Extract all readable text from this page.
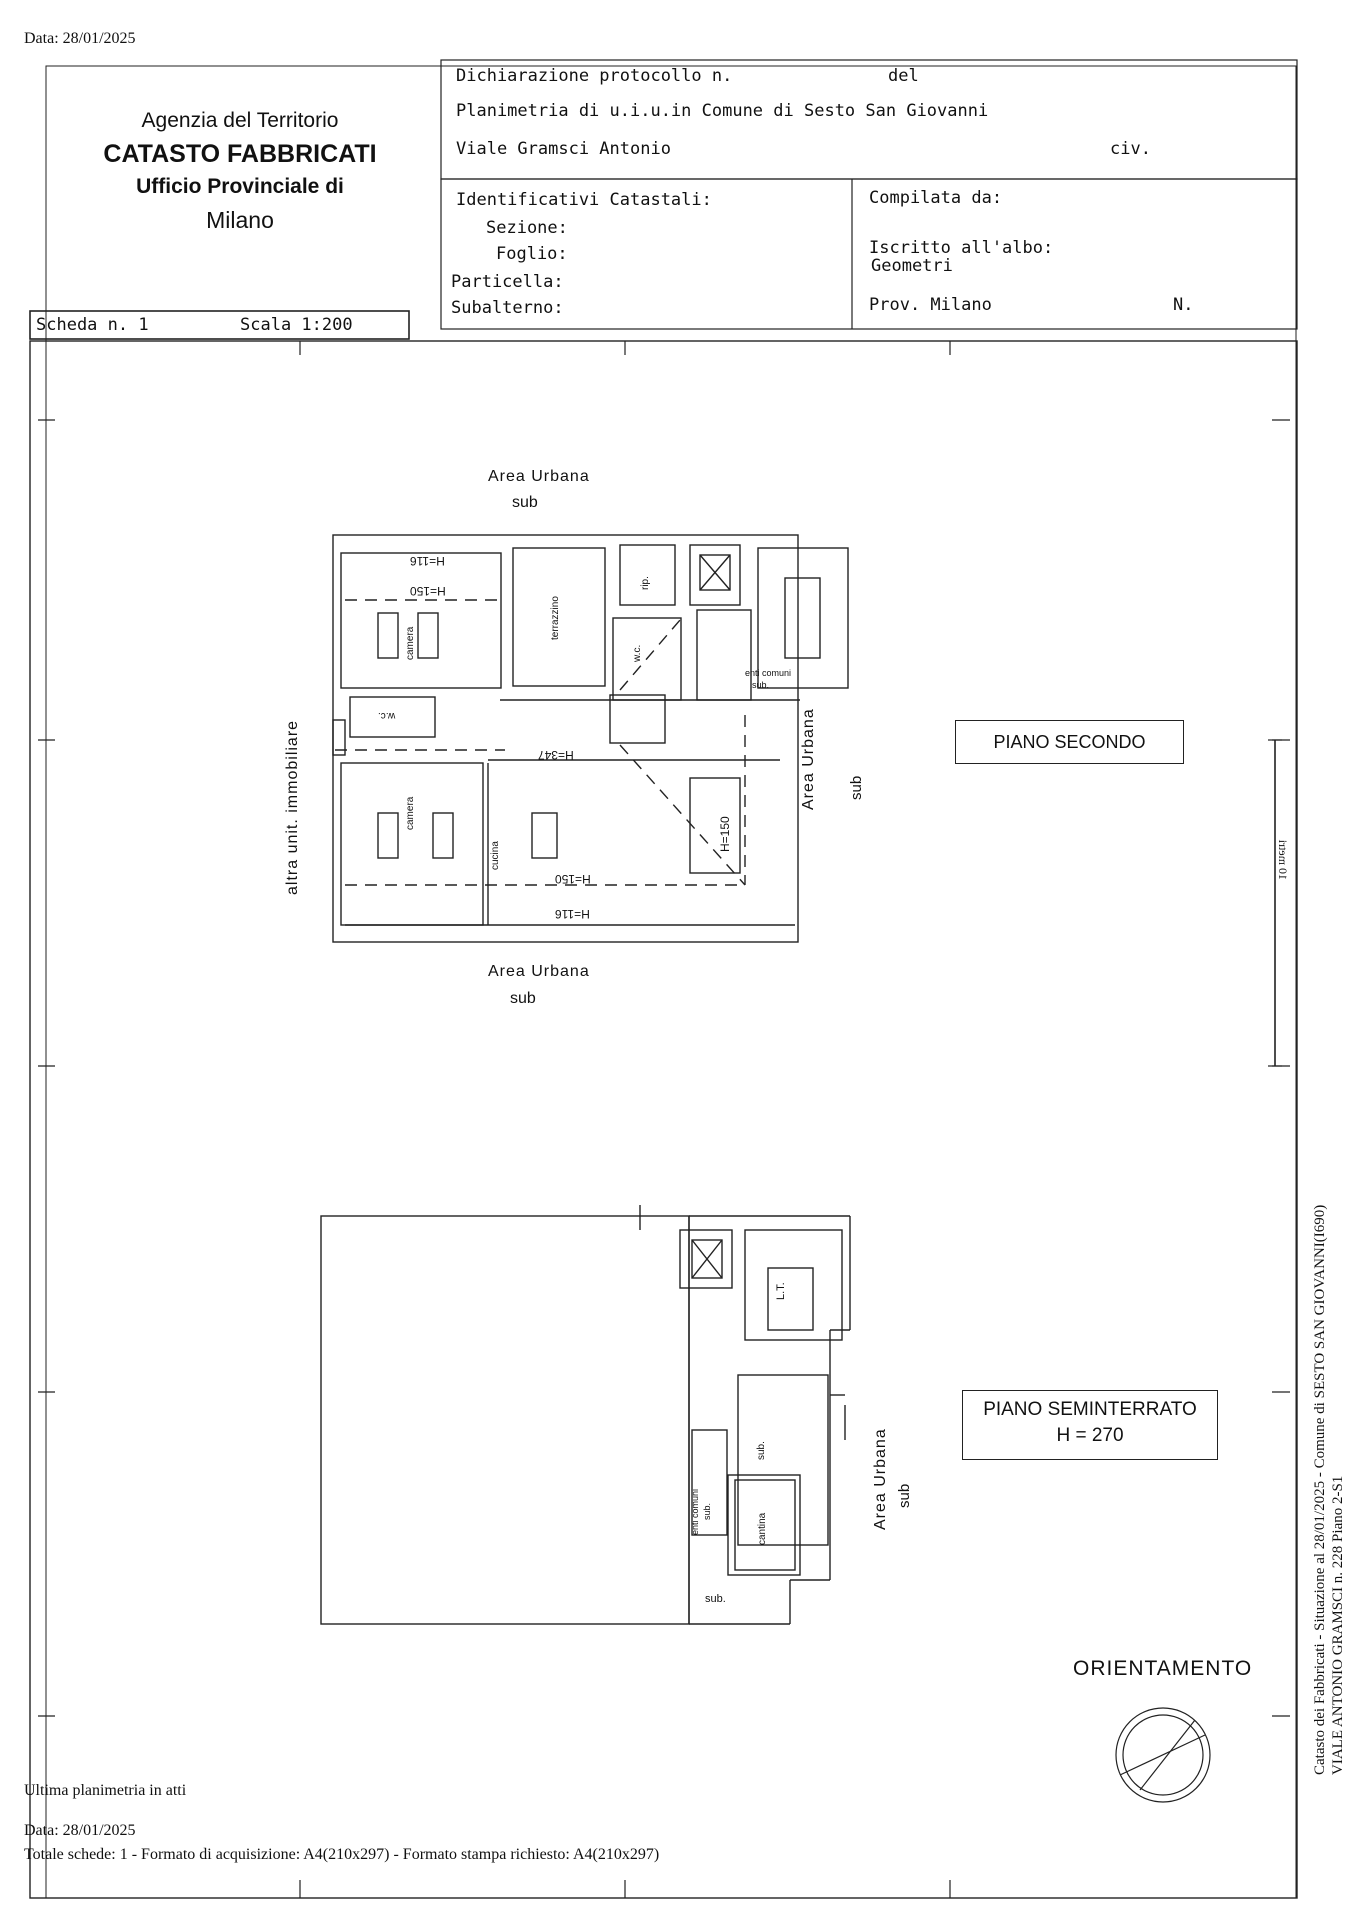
Data: 28/01/2025
Agenzia del Territorio
CATASTO FABBRICATI
Ufficio Provinciale di
Milano
Dichiarazione protocollo n.	del
Planimetria di u.i.u.in Comune di Sesto San Giovanni
Viale Gramsci Antonio	civ.
Identificativi Catastali:
Sezione:
Foglio:
Particella:
Subalterno:
Compilata da:
Iscritto all'albo:
Geometri
Prov. Milano	N.
Scheda n. 1	Scala 1:200
Area Urbana
sub
Area Urbana
sub
Area Urbana sub
altra unit. immobiliare
H=116
H=150
H=347
H=150
H=150
H=116
camera
camera
terrazzino
rip.
w.c.
w.c.
cucina
enti comuni
sub.
PIANO SECONDO
PIANO SEMINTERRATO
H = 270
Area Urbana sub
L.T.
sub.
enti comuni sub.
cantina
sub.
10 metri
ORIENTAMENTO	Catasto dei Fabbricati - Situazione al 28/01/2025 - Comune di SESTO SAN GIOVANNI(I690) VIALE ANTONIO GRAMSCI n. 228 Piano 2-S1
Ultima planimetria in atti
Data: 28/01/2025
Totale schede: 1 - Formato di acquisizione: A4(210x297) - Formato stampa richiesto: A4(210x297)
